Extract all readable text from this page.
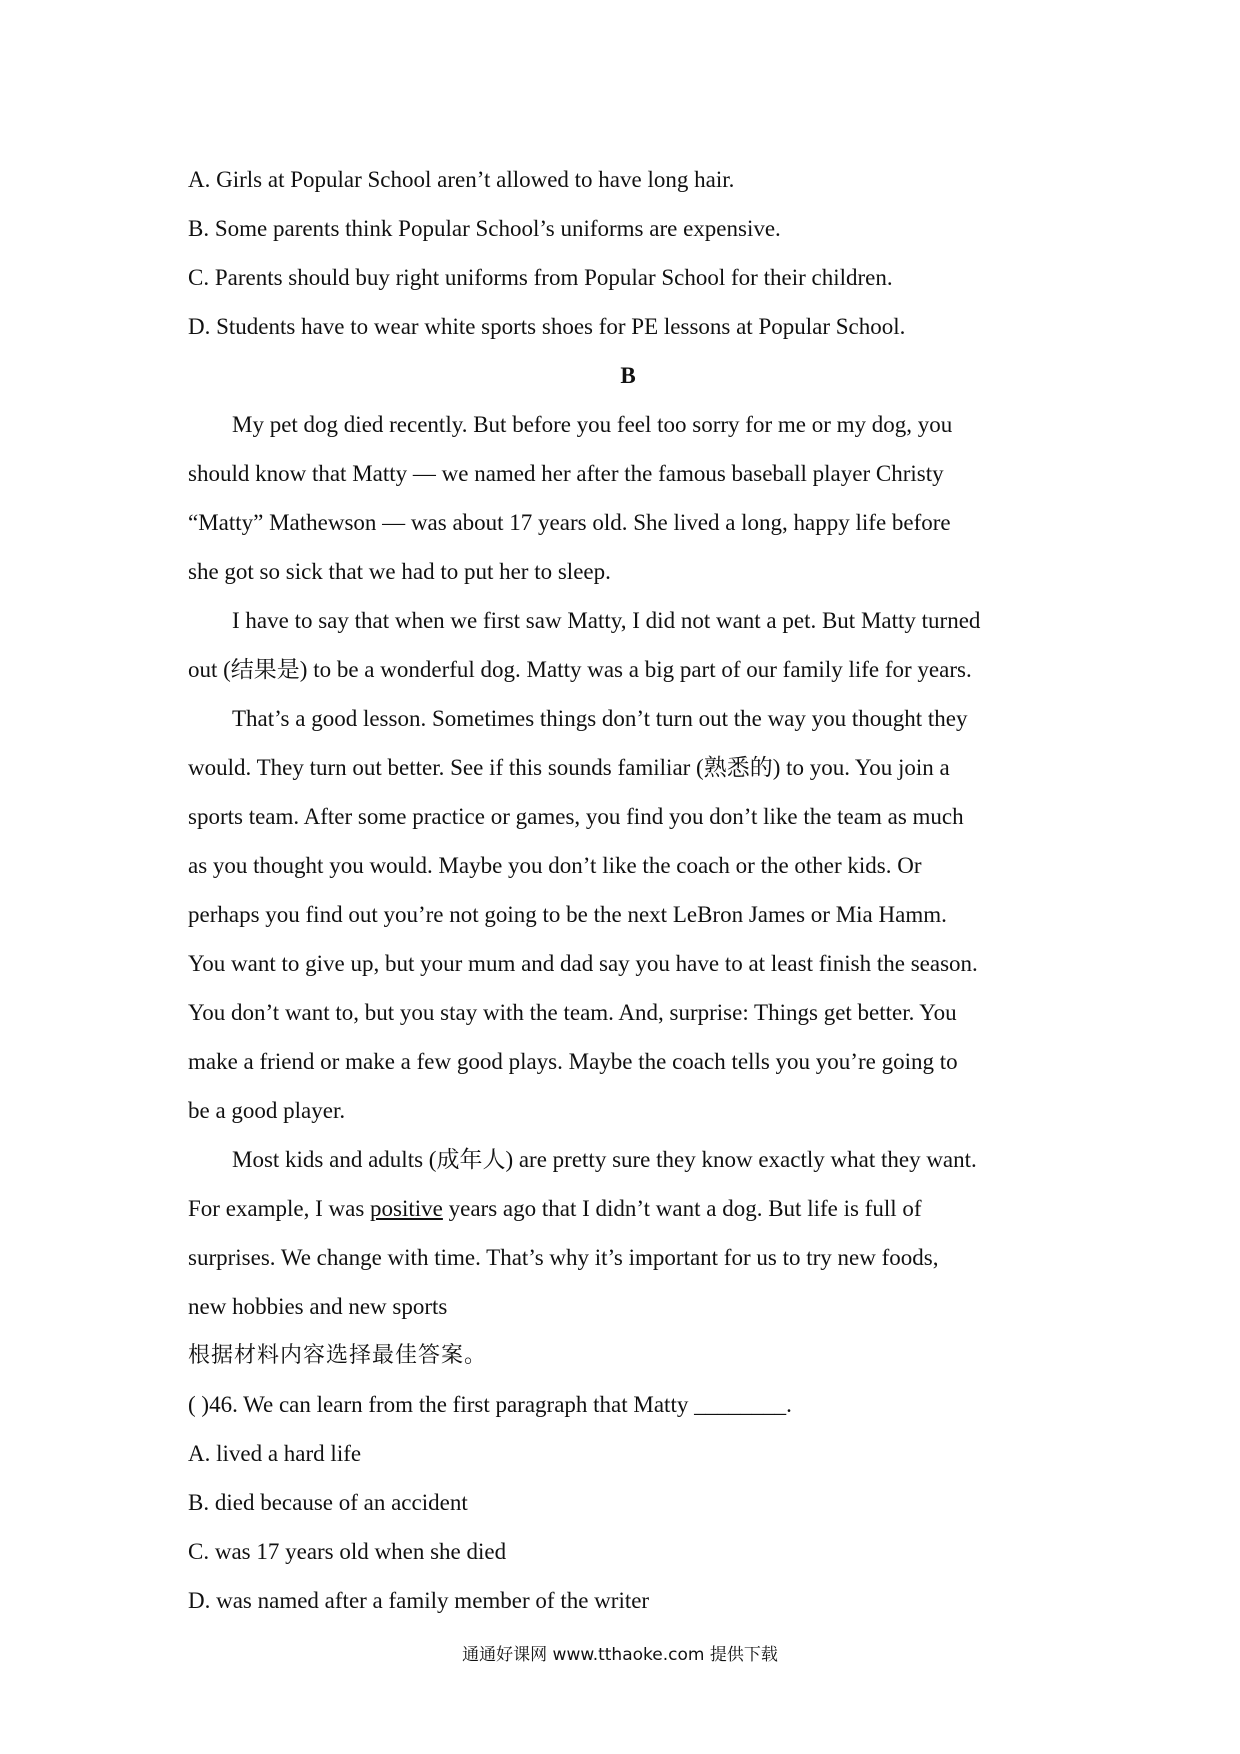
A. Girls at Popular School aren’t allowed to have long hair.
B. Some parents think Popular School’s uniforms are expensive.
C. Parents should buy right uniforms from Popular School for their children.
D. Students have to wear white sports shoes for PE lessons at Popular School.
B
My pet dog died recently. But before you feel too sorry for me or my dog, you
should know that Matty — we named her after the famous baseball player Christy
“Matty” Mathewson — was about 17 years old. She lived a long, happy life before
she got so sick that we had to put her to sleep.
I have to say that when we first saw Matty, I did not want a pet. But Matty turned
out (结果是) to be a wonderful dog. Matty was a big part of our family life for years.
That’s a good lesson. Sometimes things don’t turn out the way you thought they
would. They turn out better. See if this sounds familiar (熟悉的) to you. You join a
sports team. After some practice or games, you find you don’t like the team as much
as you thought you would. Maybe you don’t like the coach or the other kids. Or
perhaps you find out you’re not going to be the next LeBron James or Mia Hamm.
You want to give up, but your mum and dad say you have to at least finish the season.
You don’t want to, but you stay with the team. And, surprise: Things get better. You
make a friend or make a few good plays. Maybe the coach tells you you’re going to
be a good player.
Most kids and adults (成年人) are pretty sure they know exactly what they want.
For example, I was positive years ago that I didn’t want a dog. But life is full of
surprises. We change with time. That’s why it’s important for us to try new foods,
new hobbies and new sports
根据材料内容选择最佳答案。
( )46. We can learn from the first paragraph that Matty ________.
A. lived a hard life
B. died because of an accident
C. was 17 years old when she died
D. was named after a family member of the writer
通通好课网 www.tthaoke.com 提供下载
